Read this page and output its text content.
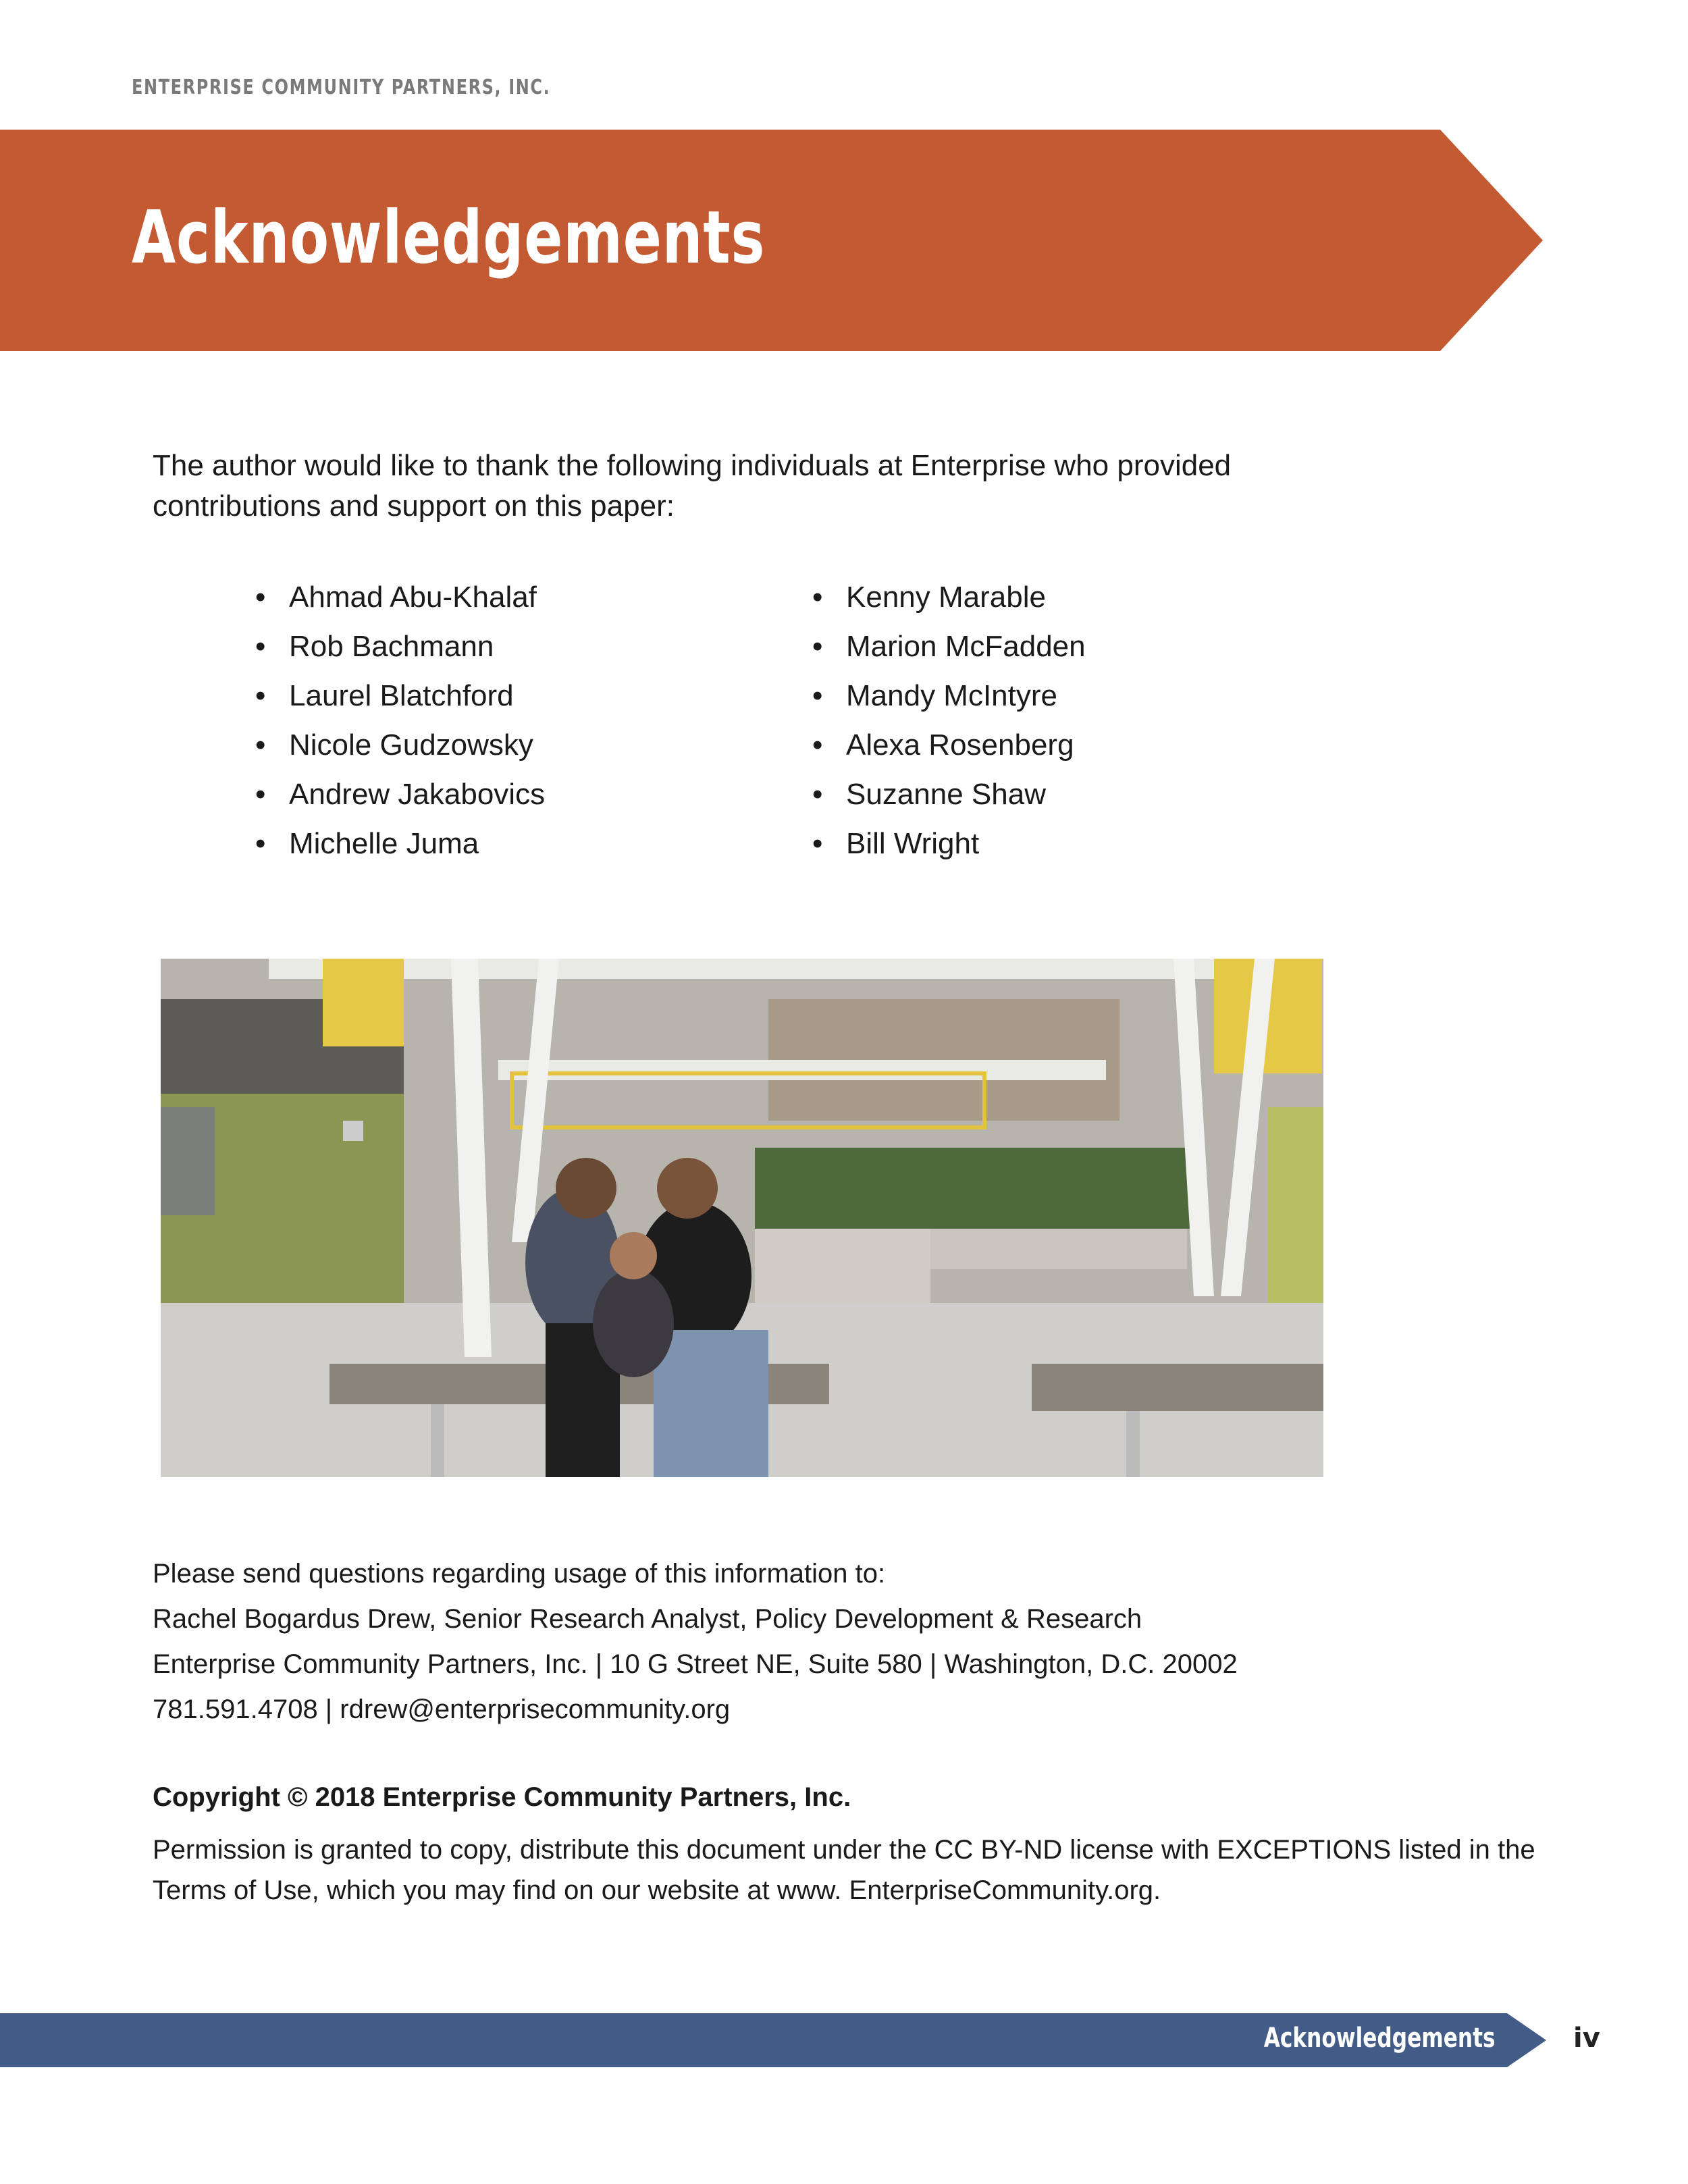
ENTERPRISE COMMUNITY PARTNERS, INC.
Acknowledgements
The author would like to thank the following individuals at Enterprise who provided contributions and support on this paper:
• Ahmad Abu-Khalaf
• Rob Bachmann
• Laurel Blatchford
• Nicole Gudzowsky
• Andrew Jakabovics
• Michelle Juma
• Kenny Marable
• Marion McFadden
• Mandy McIntyre
• Alexa Rosenberg
• Suzanne Shaw
• Bill Wright
Please send questions regarding usage of this information to:
Rachel Bogardus Drew, Senior Research Analyst, Policy Development & Research
Enterprise Community Partners, Inc. | 10 G Street NE, Suite 580 | Washington, D.C. 20002
781.591.4708 | rdrew@enterprisecommunity.org
Copyright © 2018 Enterprise Community Partners, Inc.
Permission is granted to copy, distribute this document under the CC BY-ND license with EXCEPTIONS listed in the Terms of Use, which you may find on our website at www. EnterpriseCommunity.org.
Acknowledgements	iv
